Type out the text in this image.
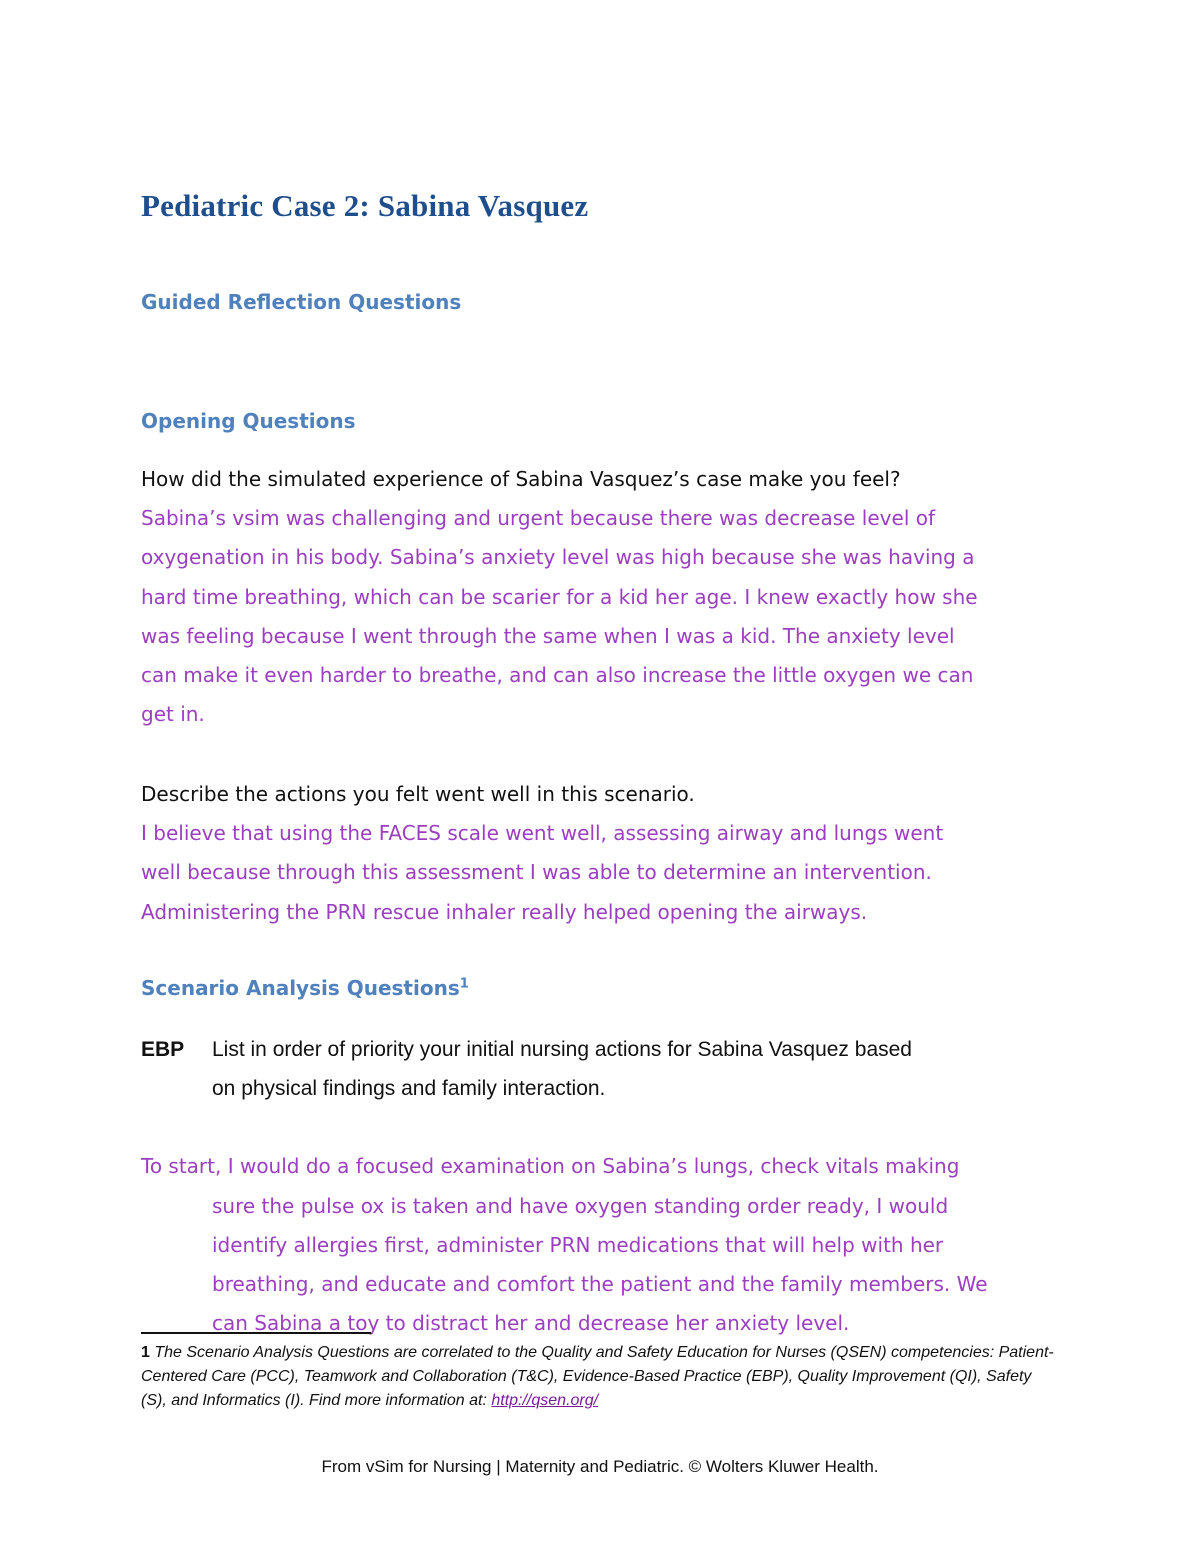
Pediatric Case 2: Sabina Vasquez
Guided Reflection Questions
Opening Questions

How did the simulated experience of Sabina Vasquez’s case make you feel?

Sabina’s vsim was challenging and urgent because there was decrease level of
oxygenation in his body. Sabina’s anxiety level was high because she was having a
hard time breathing, which can be scarier for a kid her age. I knew exactly how she
was feeling because I went through the same when I was a kid. The anxiety level
can make it even harder to breathe, and can also increase the little oxygen we can
get in.

Describe the actions you felt went well in this scenario.

I believe that using the FACES scale went well, assessing airway and lungs went
well because through this assessment I was able to determine an intervention.
Administering the PRN rescue inhaler really helped opening the airways.

Scenario Analysis Questions$^1$
EBP List in order of priority your initial nursing actions for Sabina Vasquez based
on physical findings and family interaction.

To start, I would do a focused examination on Sabina’s lungs, check vitals making

sure the pulse ox is taken and have oxygen standing order ready, I would
identify allergies first, administer PRN medications that will help with her
breathing, and educate and comfort the patient and the family members. We
can Sabina a toy to distract her and decrease her anxiety level.

1 The Scenario Analysis Questions are correlated to the Quality and Safety Education for Nurses (QSEN) competencies: Patient-Centered Care (PCC), Teamwork and Collaboration (T&C), Evidence-Based Practice (EBP), Quality Improvement (QI), Safety (S), and Informatics (I). Find more information at: http://qsen.org/

From vSim for Nursing | Maternity and Pediatric. © Wolters Kluwer Health.
